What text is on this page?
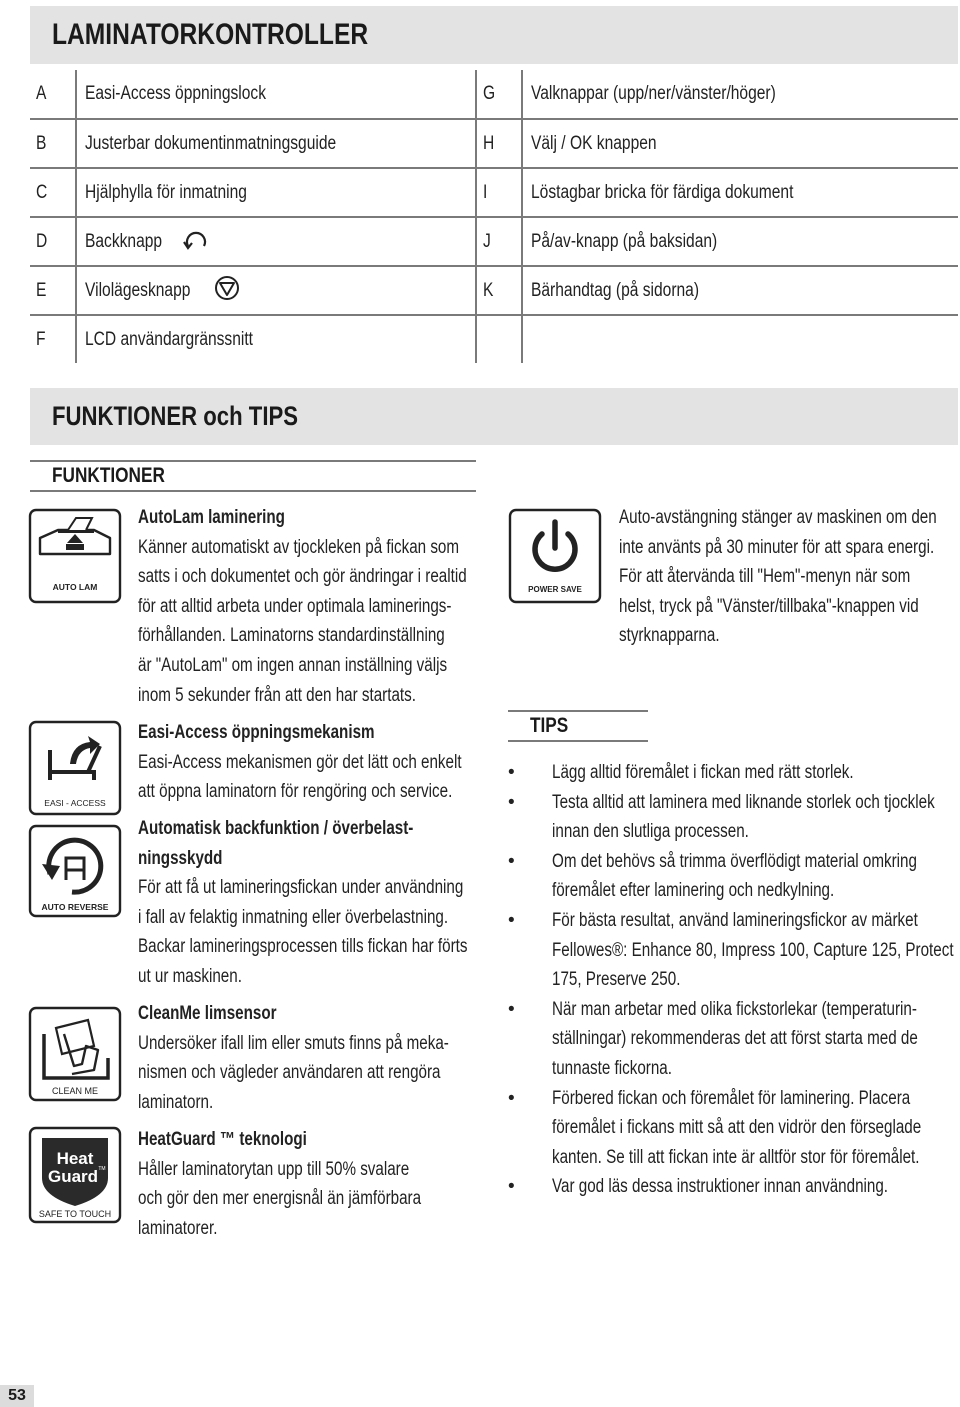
LAMINATORKONTROLLER
A	Easi-Access öppningslock	G	Valknappar (upp/ner/vänster/höger)
B	Justerbar dokumentinmatningsguide	H	Välj / OK knappen
C	Hjälphylla för inmatning	I	Löstagbar bricka för färdiga dokument
D	Backknapp	J	På/av-knapp (på baksidan)
E	Vilolägesknapp	K	Bärhandtag (på sidorna)
F	LCD användargränssnitt		
FUNKTIONER och TIPS
FUNKTIONER
TIPS
AUTO LAM
EASI - ACCESS
AUTO REVERSE
CLEAN ME
Heat
Guard TM
SAFE TO TOUCH
POWER SAVE
AutoLam laminering
Känner automatiskt av tjockleken på fickan som
satts i och dokumentet och gör ändringar i realtid
för att alltid arbeta under optimala laminerings-
förhållanden. Laminatorns standardinställning
är "AutoLam" om ingen annan inställning väljs
inom 5 sekunder från att den har startats.
Easi-Access öppningsmekanism
Easi-Access mekanismen gör det lätt och enkelt
att öppna laminatorn för rengöring och service.
Automatisk backfunktion / överbelast-
ningsskydd
För att få ut lamineringsfickan under användning
i fall av felaktig inmatning eller överbelastning.
Backar lamineringsprocessen tills fickan har förts
ut ur maskinen.
CleanMe limsensor
Undersöker ifall lim eller smuts finns på meka-
nismen och vägleder användaren att rengöra
laminatorn.
HeatGuard ™ teknologi
Håller laminatorytan upp till 50% svalare
och gör den mer energisnål än jämförbara
laminatorer.
Auto-avstängning stänger av maskinen om den
inte använts på 30 minuter för att spara energi.
För att återvända till "Hem"-menyn när som
helst, tryck på "Vänster/tillbaka"-knappen vid
styrknapparna.
• Lägg alltid föremålet i fickan med rätt storlek.
• Testa alltid att laminera med liknande storlek och tjocklek
innan den slutliga processen.
• Om det behövs så trimma överflödigt material omkring
föremålet efter laminering och nedkylning.
• För bästa resultat, använd lamineringsfickor av märket
Fellowes®: Enhance 80, Impress 100, Capture 125, Protect
175, Preserve 250.
• När man arbetar med olika fickstorlekar (temperaturin-
ställningar) rekommenderas det att först starta med de
tunnaste fickorna.
• Förbered fickan och föremålet för laminering. Placera
föremålet i fickans mitt så att den vidrör den förseglade
kanten. Se till att fickan inte är alltför stor för föremålet.
• Var god läs dessa instruktioner innan användning.
53
